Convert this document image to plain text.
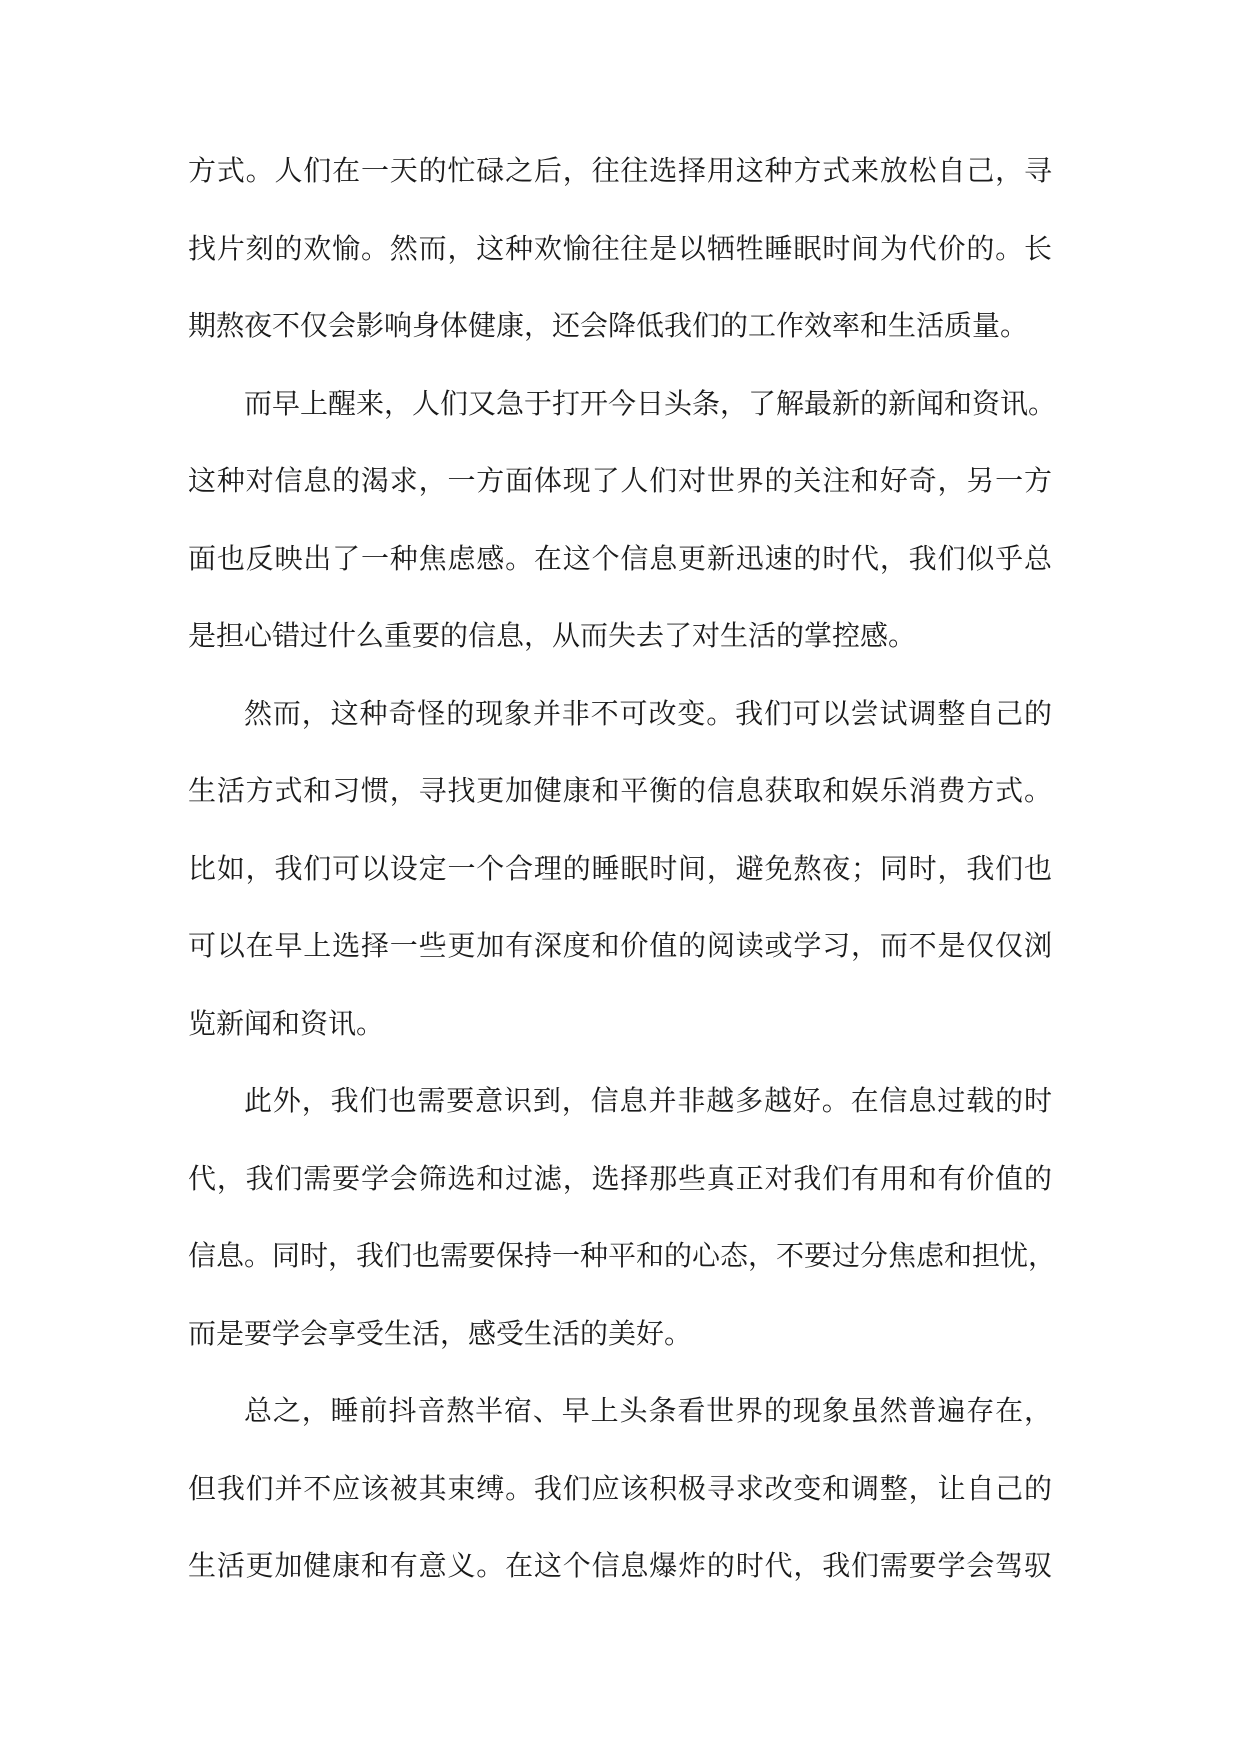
方式。人们在一天的忙碌之后，往往选择用这种方式来放松自己，寻
找片刻的欢愉。然而，这种欢愉往往是以牺牲睡眠时间为代价的。长
期熬夜不仅会影响身体健康，还会降低我们的工作效率和生活质量。
而早上醒来，人们又急于打开今日头条，了解最新的新闻和资讯。
这种对信息的渴求，一方面体现了人们对世界的关注和好奇，另一方
面也反映出了一种焦虑感。在这个信息更新迅速的时代，我们似乎总
是担心错过什么重要的信息，从而失去了对生活的掌控感。
然而，这种奇怪的现象并非不可改变。我们可以尝试调整自己的
生活方式和习惯，寻找更加健康和平衡的信息获取和娱乐消费方式。
比如，我们可以设定一个合理的睡眠时间，避免熬夜；同时，我们也
可以在早上选择一些更加有深度和价值的阅读或学习，而不是仅仅浏
览新闻和资讯。
此外，我们也需要意识到，信息并非越多越好。在信息过载的时
代，我们需要学会筛选和过滤，选择那些真正对我们有用和有价值的
信息。同时，我们也需要保持一种平和的心态，不要过分焦虑和担忧，
而是要学会享受生活，感受生活的美好。
总之，睡前抖音熬半宿、早上头条看世界的现象虽然普遍存在，
但我们并不应该被其束缚。我们应该积极寻求改变和调整，让自己的
生活更加健康和有意义。在这个信息爆炸的时代，我们需要学会驾驭
